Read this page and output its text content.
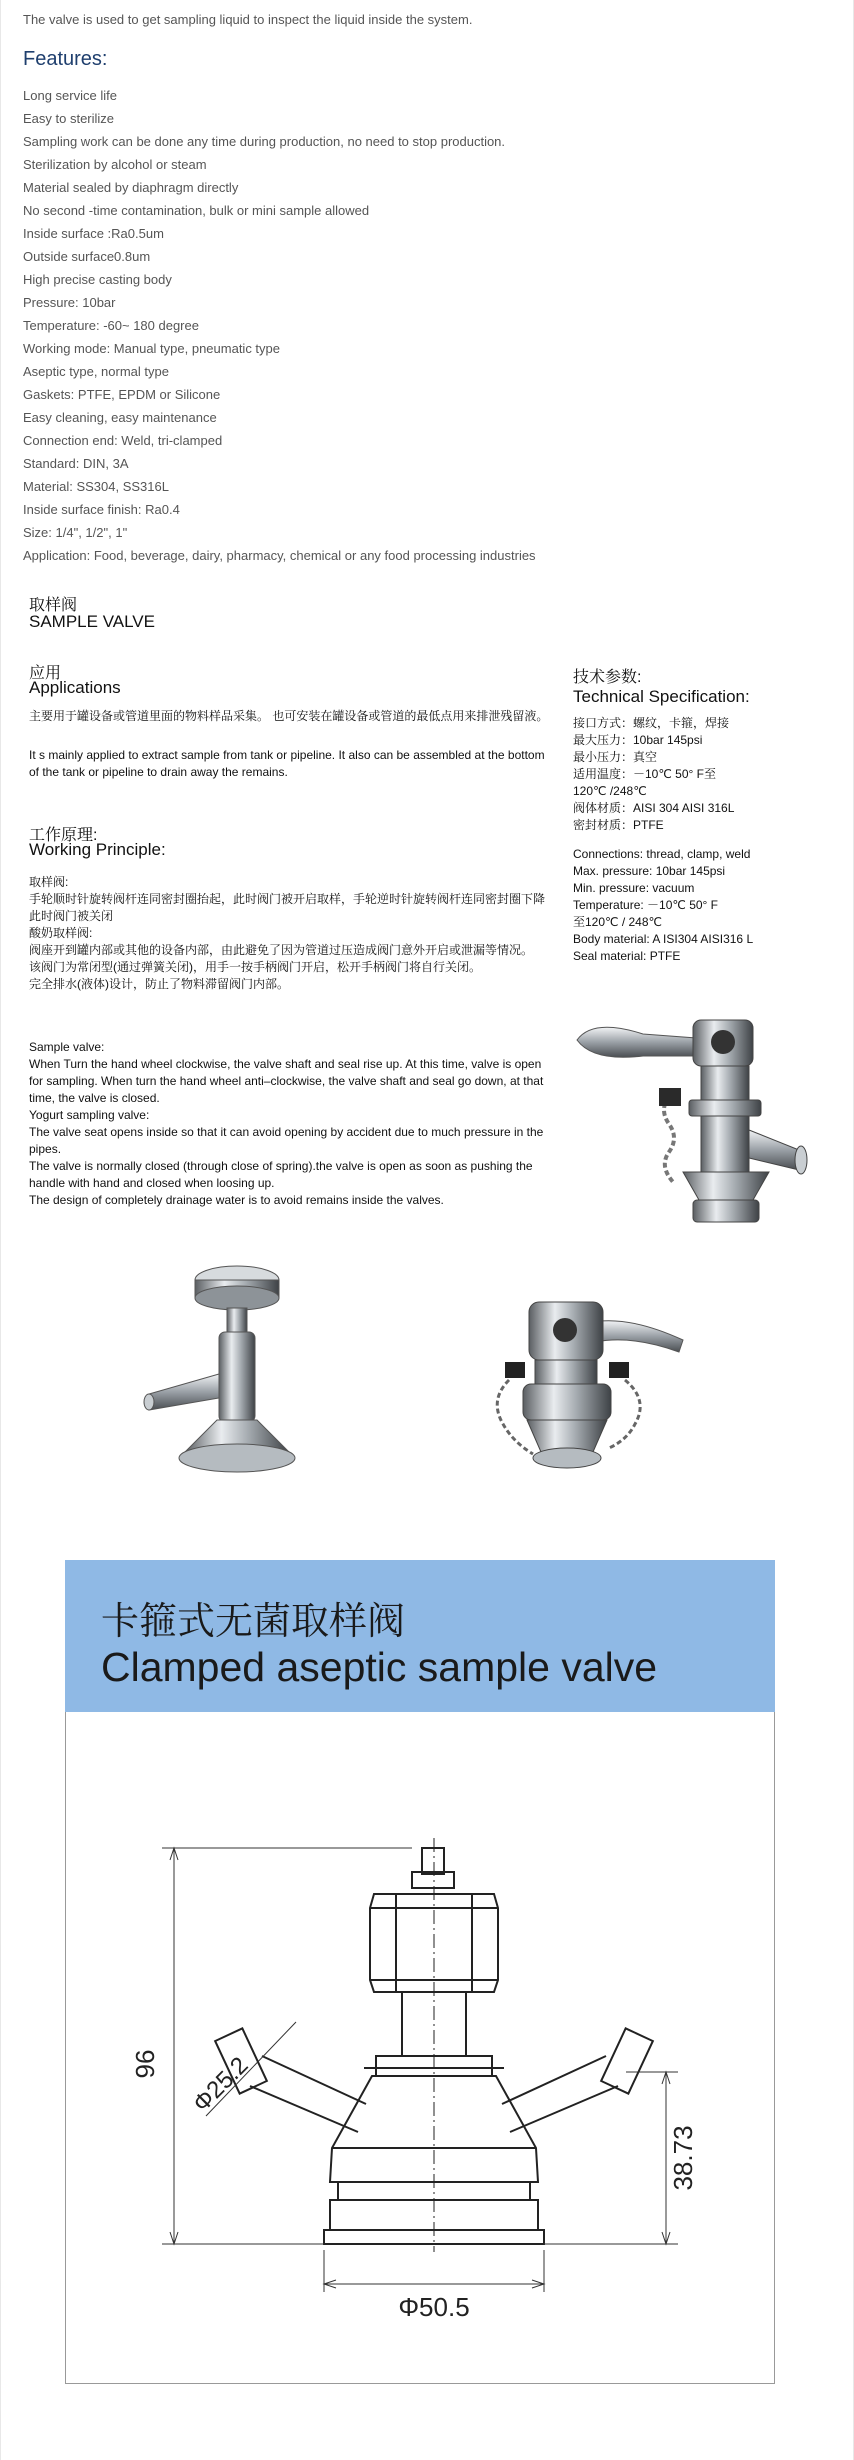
The valve is used to get sampling liquid to inspect the liquid inside the system.
Features:
Long service life
Easy to sterilize
Sampling work can be done any time during production, no need to stop production.
Sterilization by alcohol or steam
Material sealed by diaphragm directly
No second -time contamination, bulk or mini sample allowed
Inside surface :Ra0.5um
Outside surface0.8um
High precise casting body
Pressure: 10bar
Temperature: -60~ 180 degree
Working mode: Manual type, pneumatic type
Aseptic type, normal type
Gaskets: PTFE, EPDM or Silicone
Easy cleaning, easy maintenance
Connection end: Weld, tri-clamped
Standard: DIN, 3A
Material: SS304, SS316L
Inside surface finish: Ra0.4
Size: 1/4", 1/2", 1"
Application: Food, beverage, dairy, pharmacy, chemical or any food processing industries
取样阀
SAMPLE VALVE
应用
Applications
主要用于罐设备或管道里面的物料样品采集。 也可安装在罐设备或管道的最低点用来排泄残留液。
It s mainly applied to extract sample from tank or pipeline. It also can be assembled at the bottom of the tank or pipeline to drain away the remains.
工作原理:
Working Principle:
取样阀:
手轮顺时针旋转阀杆连同密封圈抬起，此时阀门被开启取样，手轮逆时针旋转阀杆连同密封圈下降此时阀门被关闭
酸奶取样阀:
阀座开到罐内部或其他的设备内部，由此避免了因为管道过压造成阀门意外开启或泄漏等情况。
该阀门为常闭型(通过弹簧关闭)，用手一按手柄阀门开启，松开手柄阀门将自行关闭。
完全排水(液体)设计，防止了物料滞留阀门内部。
Sample valve:
When Turn the hand wheel clockwise, the valve shaft and seal rise up. At this time, valve is open for sampling. When turn the hand wheel anti–clockwise, the valve shaft and seal go down, at that time, the valve is closed.
Yogurt sampling valve:
The valve seat opens inside so that it can avoid opening by accident due to much pressure in the pipes.
The valve is normally closed (through close of spring).the valve is open as soon as pushing the handle with hand and closed when loosing up.
The design of completely drainage water is to avoid remains inside the valves.
技术参数:
Technical Specification:
接口方式：螺纹，卡箍，焊接
最大压力：10bar 145psi
最小压力：真空
适用温度：－10℃ 50° F至
120℃ /248℃
阀体材质：AISI 304 AISI 316L
密封材质：PTFE
Connections: thread, clamp, weld
Max. pressure: 10bar 145psi
Min. pressure: vacuum
Temperature: －10℃ 50° F
至120℃ / 248℃
Body material: A ISI304 AISI316 L
Seal material: PTFE
卡箍式无菌取样阀
Clamped aseptic sample valve
96 Φ25.2
38.73
Φ50.5
